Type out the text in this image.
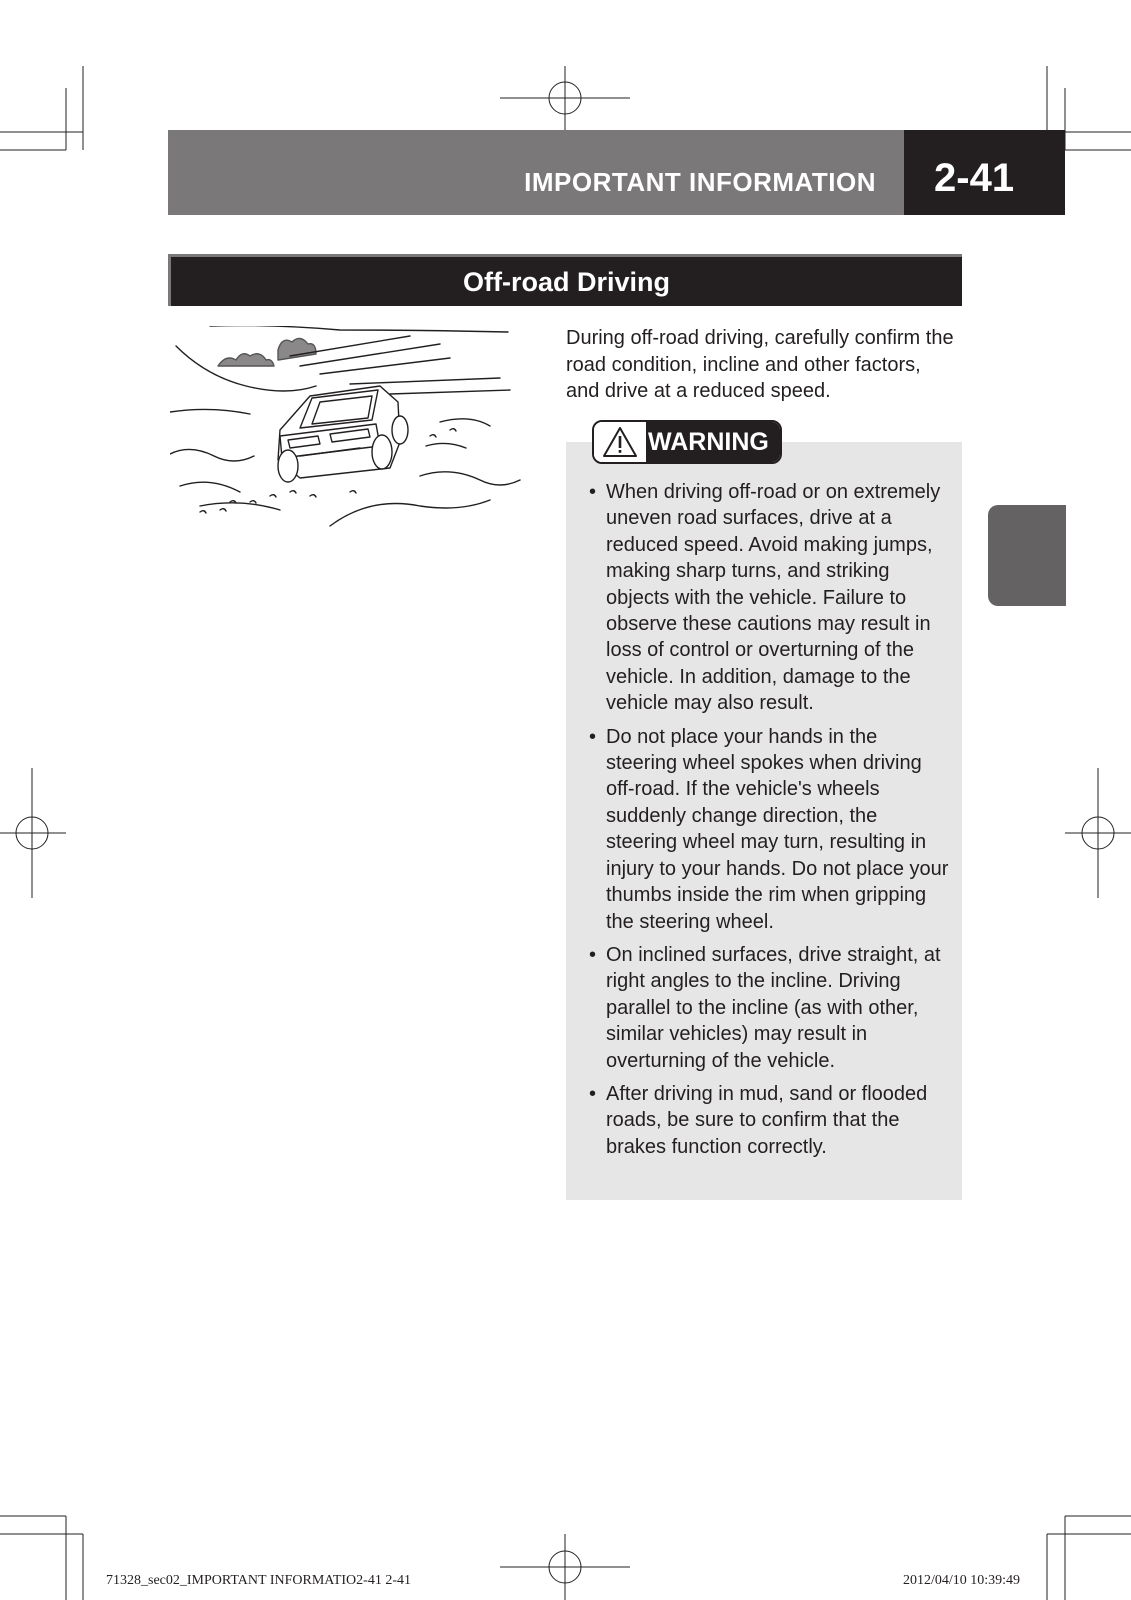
IMPORTANT INFORMATION 2-41
Off-road Driving
During off-road driving, carefully confirm the road condition, incline and other factors, and drive at a reduced speed.
WARNING
• When driving off-road or on extremely uneven road surfaces, drive at a reduced speed. Avoid making jumps, making sharp turns, and striking objects with the vehicle. Failure to observe these cautions may result in loss of control or overturning of the vehicle. In addition, damage to the vehicle may also result.
• Do not place your hands in the steering wheel spokes when driving off-road. If the vehicle's wheels suddenly change direction, the steering wheel may turn, resulting in injury to your hands. Do not place your thumbs inside the rim when gripping the steering wheel.
• On inclined surfaces, drive straight, at right angles to the incline. Driving parallel to the incline (as with other, similar vehicles) may result in overturning of the vehicle.
• After driving in mud, sand or flooded roads, be sure to confirm that the brakes function correctly.
71328_sec02_IMPORTANT INFORMATIO2-41 2-41	2012/04/10 10:39:49
